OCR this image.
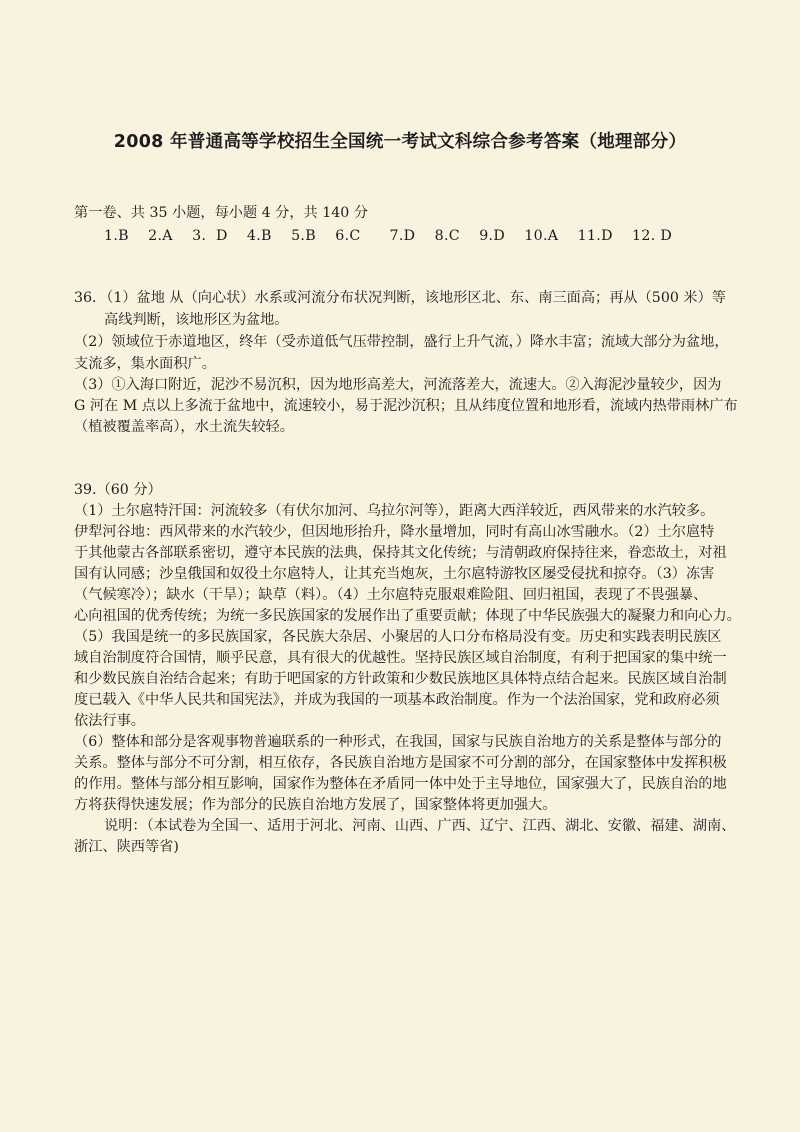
2008 年普通高等学校招生全国统一考试文科综合参考答案（地理部分）
第一卷、共 35 小题，每小题 4 分，共 140 分
1.B　 2.A　 3．D　 4.B　 5.B　 6.C　　7.D　 8.C　 9.D　 10.A　 11.D　 12. D
36．（1）盆地 从（向心状）水系或河流分布状况判断，该地形区北、东、南三面高；再从（500 米）等
高线判断，该地形区为盆地。
（2）领域位于赤道地区，终年（受赤道低气压带控制，盛行上升气流，）降水丰富；流域大部分为盆地，
支流多，集水面积广。
（3）①入海口附近，泥沙不易沉积，因为地形高差大，河流落差大，流速大。②入海泥沙量较少，因为
G 河在 M 点以上多流于盆地中，流速较小，易于泥沙沉积；且从纬度位置和地形看，流域内热带雨林广布
（植被覆盖率高），水土流失较轻。
39.（60 分）
（1）土尔扈特汗国：河流较多（有伏尔加河、乌拉尔河等），距离大西洋较近，西风带来的水汽较多。
伊犁河谷地：西风带来的水汽较少，但因地形抬升，降水量增加，同时有高山冰雪融水。（2）土尔扈特
于其他蒙古各部联系密切，遵守本民族的法典，保持其文化传统；与清朝政府保持往来，眷恋故土，对祖
国有认同感；沙皇俄国和奴役土尔扈特人，让其充当炮灰，土尔扈特游牧区屡受侵扰和掠夺。（3）冻害
（气候寒冷）；缺水（干旱）；缺草（料）。（4）土尔扈特克服艰难险阻、回归祖国，表现了不畏强暴、
心向祖国的优秀传统；为统一多民族国家的发展作出了重要贡献；体现了中华民族强大的凝聚力和向心力。
（5）我国是统一的多民族国家，各民族大杂居、小聚居的人口分布格局没有变。历史和实践表明民族区
域自治制度符合国情，顺乎民意，具有很大的优越性。坚持民族区域自治制度，有利于把国家的集中统一
和少数民族自治结合起来；有助于吧国家的方针政策和少数民族地区具体特点结合起来。民族区域自治制
度已载入《中华人民共和国宪法》，并成为我国的一项基本政治制度。作为一个法治国家，党和政府必须
依法行事。
（6）整体和部分是客观事物普遍联系的一种形式，在我国，国家与民族自治地方的关系是整体与部分的
关系。整体与部分不可分割，相互依存，各民族自治地方是国家不可分割的部分，在国家整体中发挥积极
的作用。整体与部分相互影响，国家作为整体在矛盾同一体中处于主导地位，国家强大了，民族自治的地
方将获得快速发展；作为部分的民族自治地方发展了，国家整体将更加强大。
说明：（本试卷为全国一、适用于河北、河南、山西、广西、辽宁、江西、湖北、安徽、福建、湖南、
浙江、陕西等省)
